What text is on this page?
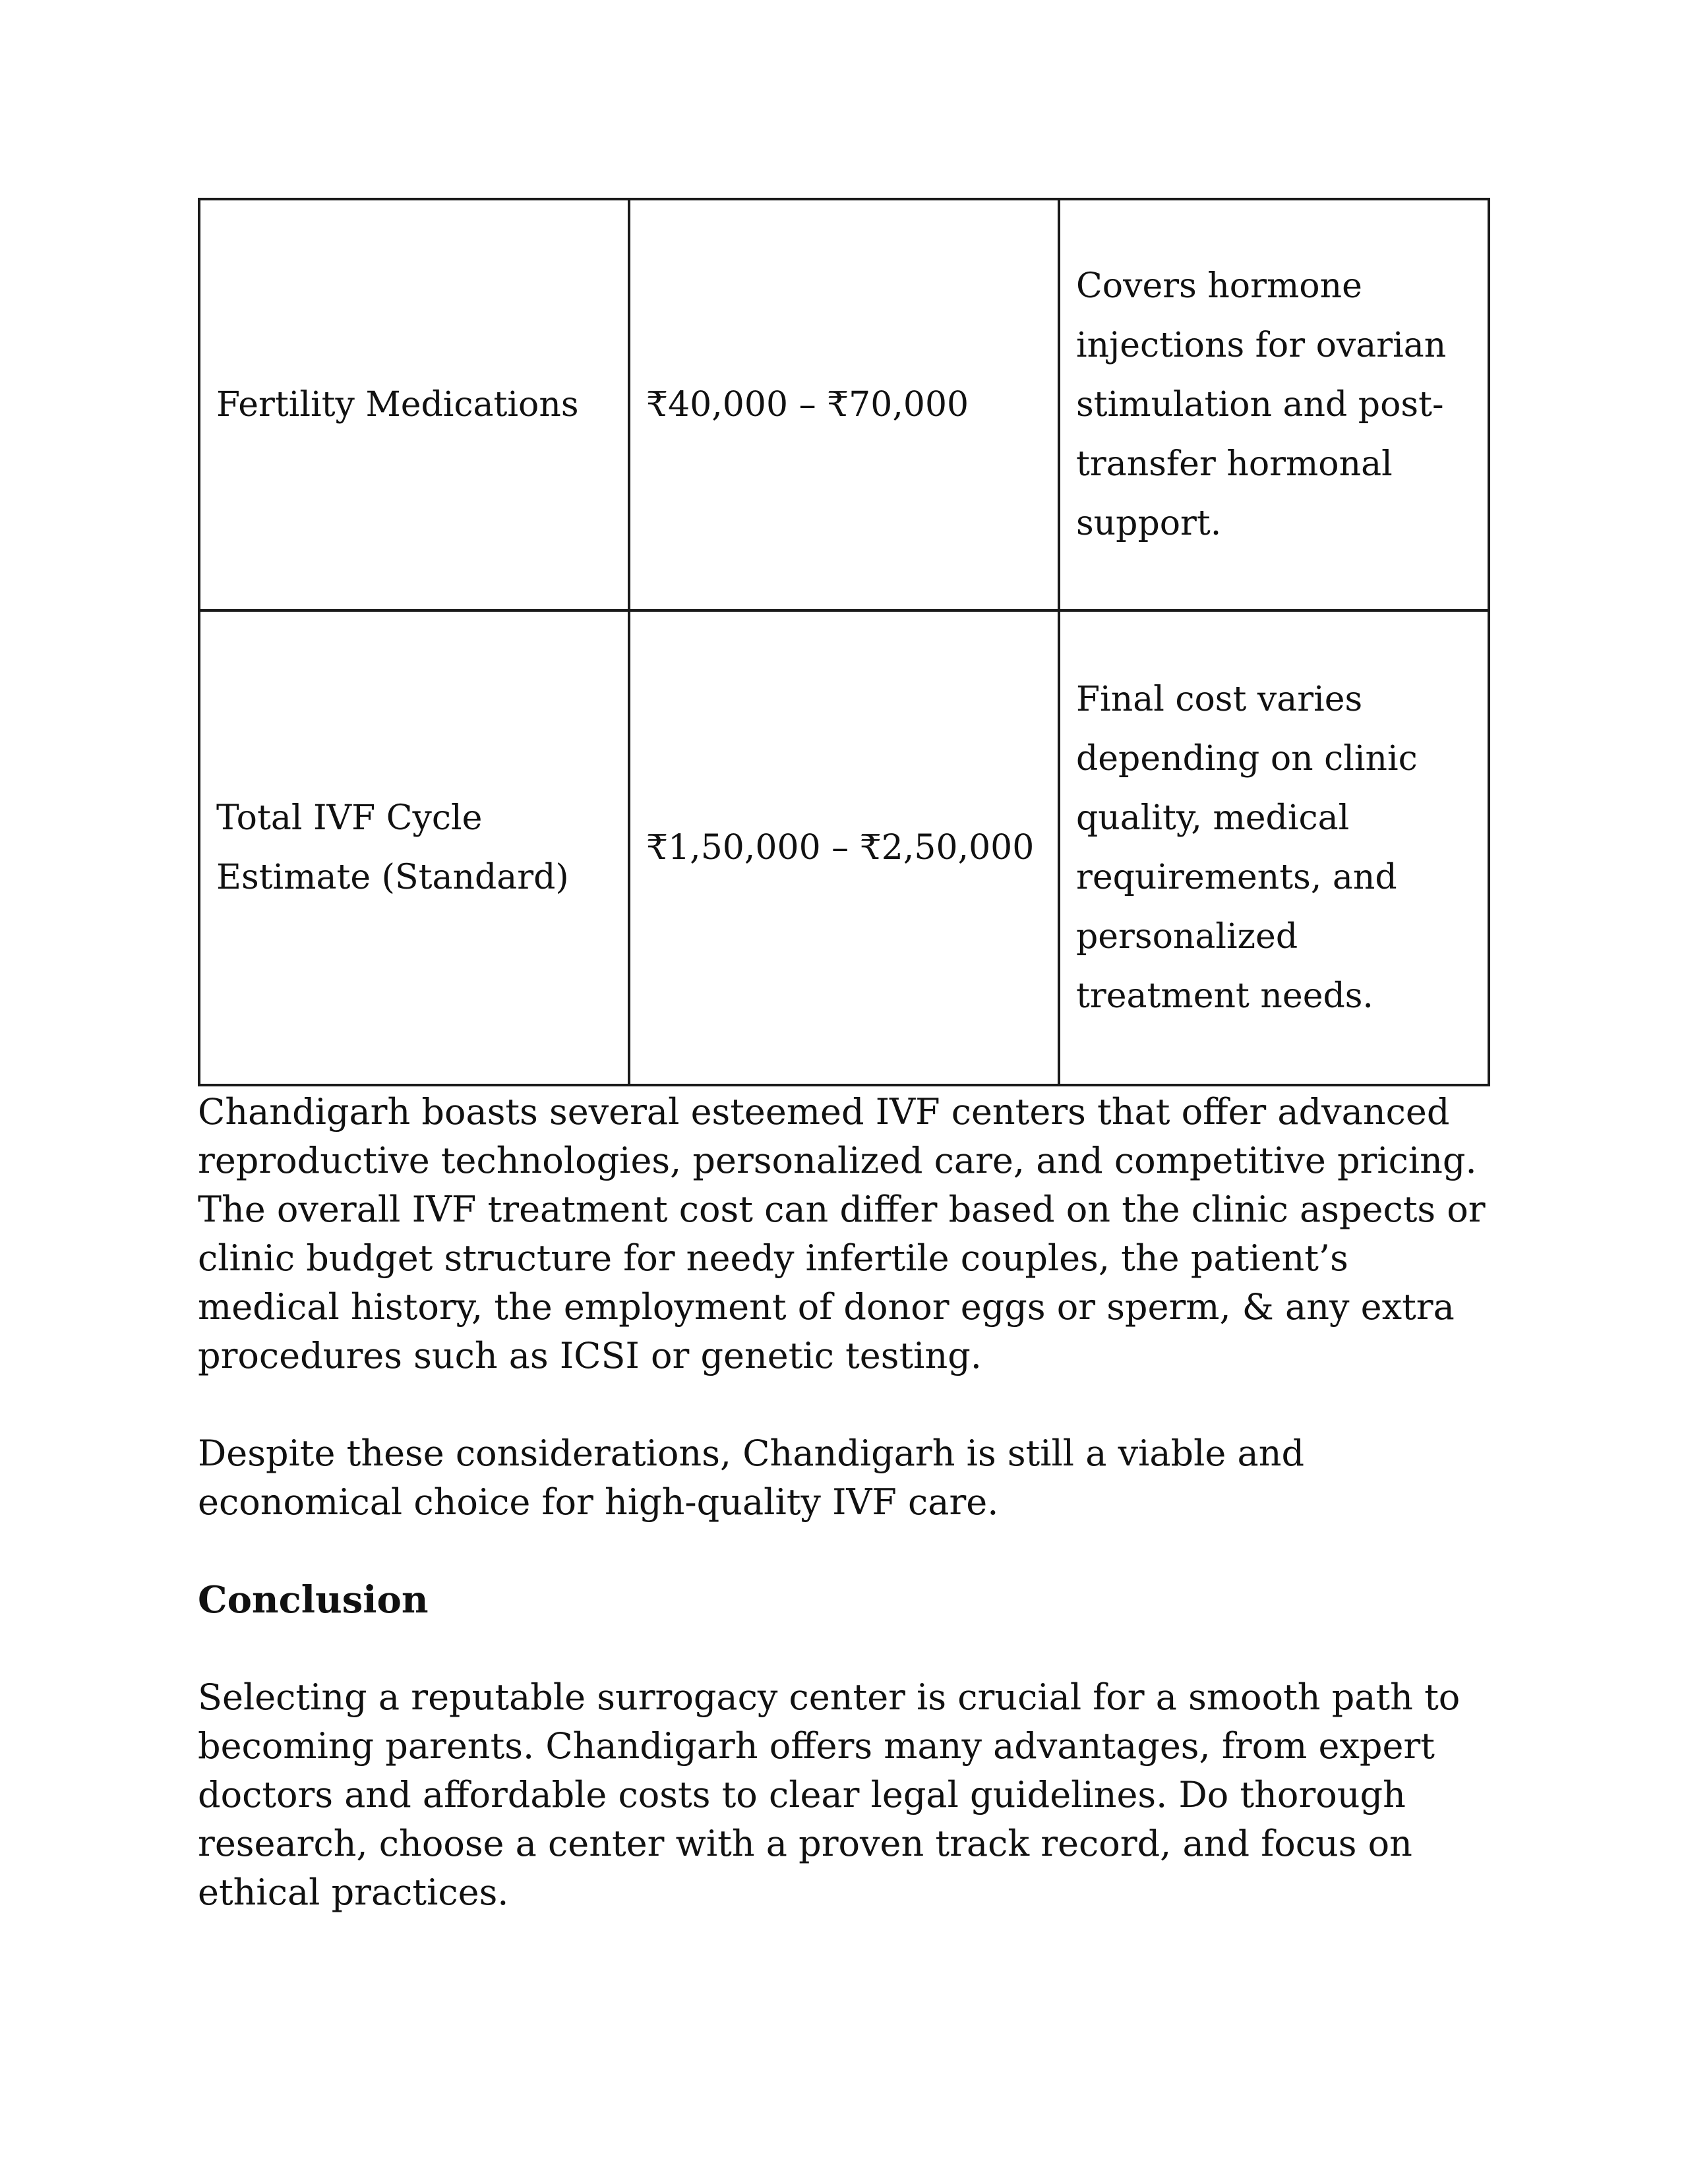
Fertility Medications	₹40,000 – ₹70,000	Covers hormone injections for ovarian stimulation and post-transfer hormonal support.
Total IVF Cycle Estimate (Standard)	₹1,50,000 – ₹2,50,000	Final cost varies depending on clinic quality, medical requirements, and personalized treatment needs.

Chandigarh boasts several esteemed IVF centers that offer advanced reproductive technologies, personalized care, and competitive pricing. The overall IVF treatment cost can differ based on the clinic aspects or clinic budget structure for needy infertile couples, the patient’s medical history, the employment of donor eggs or sperm, & any extra procedures such as ICSI or genetic testing.

Despite these considerations, Chandigarh is still a viable and economical choice for high-quality IVF care.

Conclusion

Selecting a reputable surrogacy center is crucial for a smooth path to becoming parents. Chandigarh offers many advantages, from expert doctors and affordable costs to clear legal guidelines. Do thorough research, choose a center with a proven track record, and focus on ethical practices.
